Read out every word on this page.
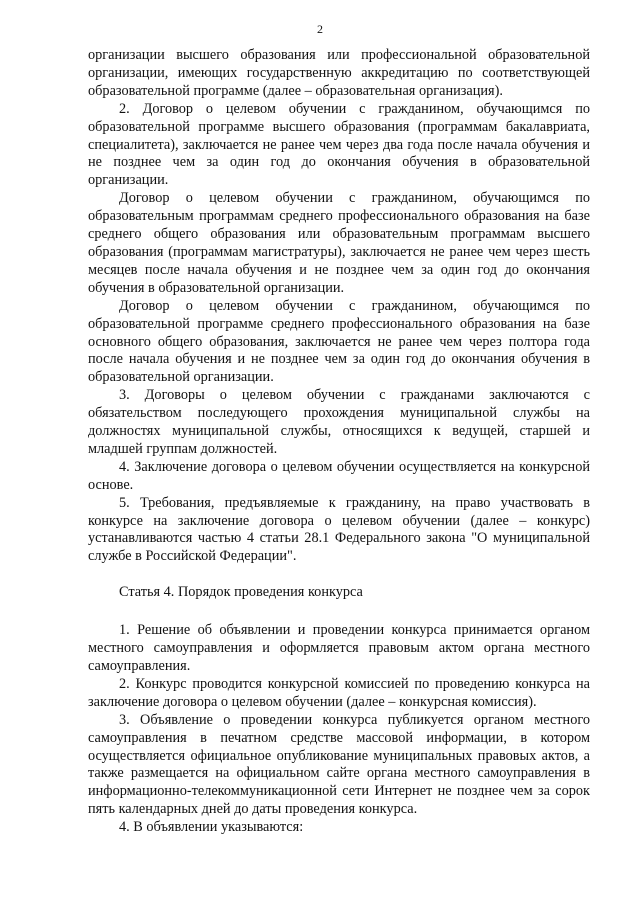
2

организации высшего образования или профессиональной образовательной организации, имеющих государственную аккредитацию по соответствующей образовательной программе (далее – образовательная организация).

2. Договор о целевом обучении с гражданином, обучающимся по образовательной программе высшего образования (программам бакалавриата, специалитета), заключается не ранее чем через два года после начала обучения и не позднее чем за один год до окончания обучения в образовательной организации.

Договор о целевом обучении с гражданином, обучающимся по образовательным программам среднего профессионального образования на базе среднего общего образования или образовательным программам высшего образования (программам магистратуры), заключается не ранее чем через шесть месяцев после начала обучения и не позднее чем за один год до окончания обучения в образовательной организации.

Договор о целевом обучении с гражданином, обучающимся по образовательной программе среднего профессионального образования на базе основного общего образования, заключается не ранее чем через полтора года после начала обучения и не позднее чем за один год до окончания обучения в образовательной организации.

3. Договоры о целевом обучении с гражданами заключаются с обязательством последующего прохождения муниципальной службы на должностях муниципальной службы, относящихся к ведущей, старшей и младшей группам должностей.

4. Заключение договора о целевом обучении осуществляется на конкурсной основе.

5. Требования, предъявляемые к гражданину, на право участвовать в конкурсе на заключение договора о целевом обучении (далее – конкурс) устанавливаются частью 4 статьи 28.1 Федерального закона "О муниципальной службе в Российской Федерации".

Статья 4. Порядок проведения конкурса

1. Решение об объявлении и проведении конкурса принимается органом местного самоуправления и оформляется правовым актом органа местного самоуправления.

2. Конкурс проводится конкурсной комиссией по проведению конкурса на заключение договора о целевом обучении (далее – конкурсная комиссия).

3. Объявление о проведении конкурса публикуется органом местного самоуправления в печатном средстве массовой информации, в котором осуществляется официальное опубликование муниципальных правовых актов, а также размещается на официальном сайте органа местного самоуправления в информационно-телекоммуникационной сети Интернет не позднее чем за сорок пять календарных дней до даты проведения конкурса.

4. В объявлении указываются:
